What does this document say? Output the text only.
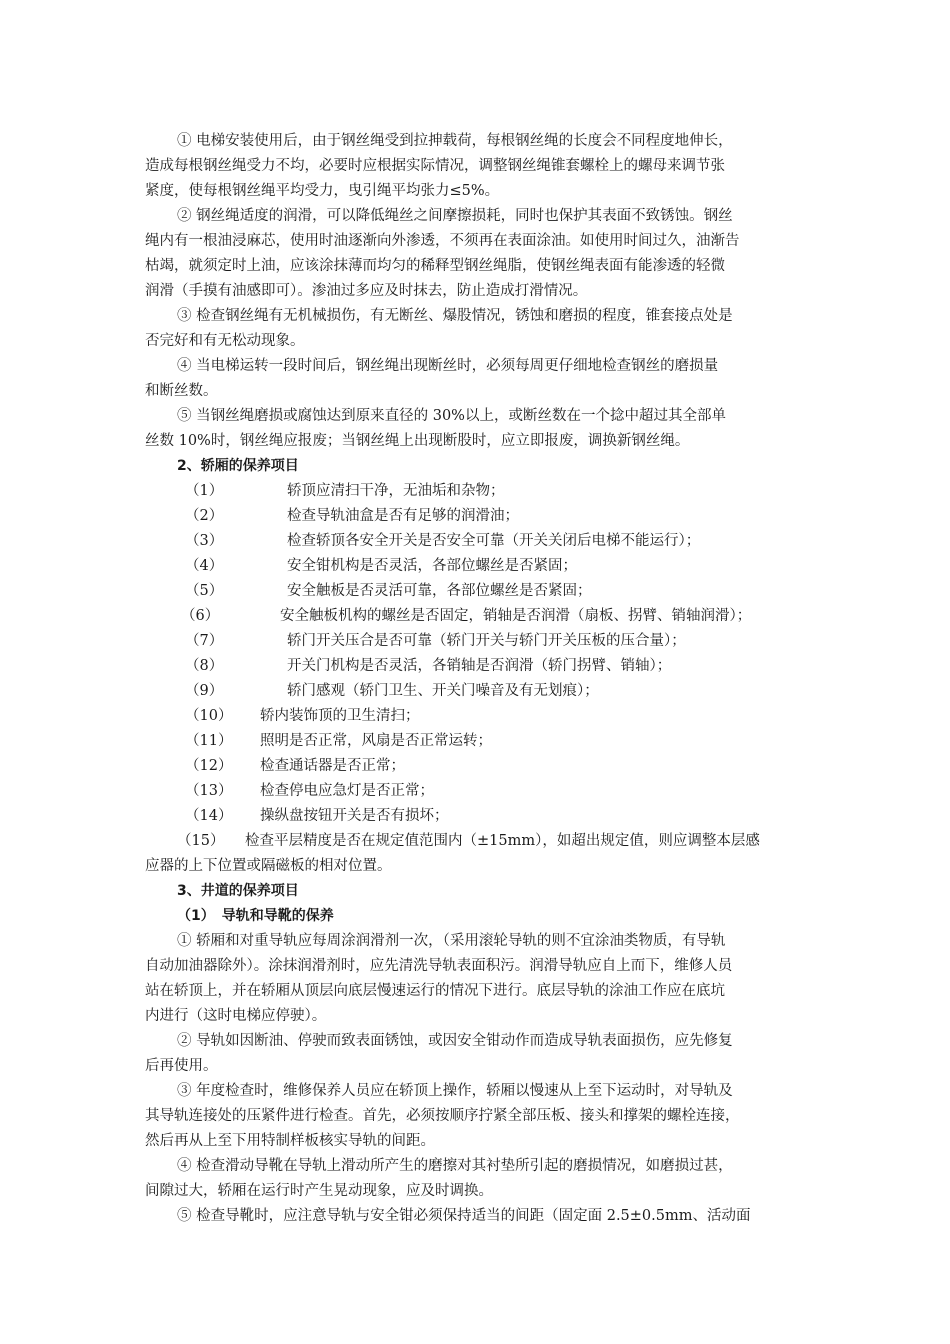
① 电梯安装使用后，由于钢丝绳受到拉抻载荷，每根钢丝绳的长度会不同程度地伸长，
造成每根钢丝绳受力不均，必要时应根据实际情况，调整钢丝绳锥套螺栓上的螺母来调节张
紧度，使每根钢丝绳平均受力，曳引绳平均张力≤5%。
② 钢丝绳适度的润滑，可以降低绳丝之间摩擦损耗，同时也保护其表面不致锈蚀。钢丝
绳内有一根油浸麻芯，使用时油逐渐向外渗透，不须再在表面涂油。如使用时间过久，油渐告
枯竭，就须定时上油，应该涂抹薄而均匀的稀释型钢丝绳脂，使钢丝绳表面有能渗透的轻微
润滑（手摸有油感即可）。渗油过多应及时抹去，防止造成打滑情况。
③ 检查钢丝绳有无机械损伤，有无断丝、爆股情况，锈蚀和磨损的程度，锥套接点处是
否完好和有无松动现象。
④ 当电梯运转一段时间后，钢丝绳出现断丝时，必须每周更仔细地检查钢丝的磨损量
和断丝数。
⑤ 当钢丝绳磨损或腐蚀达到原来直径的 30%以上，或断丝数在一个捻中超过其全部单
丝数 10%时，钢丝绳应报废；当钢丝绳上出现断股时，应立即报废，调换新钢丝绳。
2、轿厢的保养项目
（1）	轿顶应清扫干净，无油垢和杂物；
（2）	检查导轨油盒是否有足够的润滑油；
（3）	检查轿顶各安全开关是否安全可靠（开关关闭后电梯不能运行）；
（4）	安全钳机构是否灵活，各部位螺丝是否紧固；
（5）	安全触板是否灵活可靠，各部位螺丝是否紧固；
（6）	安全触板机构的螺丝是否固定，销轴是否润滑（扇板、拐臂、销轴润滑）；
（7）	轿门开关压合是否可靠（轿门开关与轿门开关压板的压合量）；
（8）	开关门机构是否灵活，各销轴是否润滑（轿门拐臂、销轴）；
（9）	轿门感观（轿门卫生、开关门噪音及有无划痕）；
（10） 轿内装饰顶的卫生清扫；
（11） 照明是否正常，风扇是否正常运转；
（12） 检查通话器是否正常；
（13） 检查停电应急灯是否正常；
（14） 操纵盘按钮开关是否有损坏；
（15） 检查平层精度是否在规定值范围内（±15mm），如超出规定值，则应调整本层感
应器的上下位置或隔磁板的相对位置。
3、井道的保养项目
（1）　导轨和导靴的保养
① 轿厢和对重导轨应每周涂润滑剂一次，（采用滚轮导轨的则不宜涂油类物质，有导轨
自动加油器除外）。涂抹润滑剂时，应先清洗导轨表面积污。润滑导轨应自上而下，维修人员
站在轿顶上，并在轿厢从顶层向底层慢速运行的情况下进行。底层导轨的涂油工作应在底坑
内进行（这时电梯应停驶）。
② 导轨如因断油、停驶而致表面锈蚀，或因安全钳动作而造成导轨表面损伤，应先修复
后再使用。
③ 年度检查时，维修保养人员应在轿顶上操作，轿厢以慢速从上至下运动时，对导轨及
其导轨连接处的压紧件进行检查。首先，必须按顺序拧紧全部压板、接头和撑架的螺栓连接，
然后再从上至下用特制样板核实导轨的间距。
④ 检查滑动导靴在导轨上滑动所产生的磨擦对其衬垫所引起的磨损情况，如磨损过甚，
间隙过大，轿厢在运行时产生晃动现象，应及时调换。
⑤ 检查导靴时，应注意导轨与安全钳必须保持适当的间距（固定面 2.5±0.5mm、活动面
